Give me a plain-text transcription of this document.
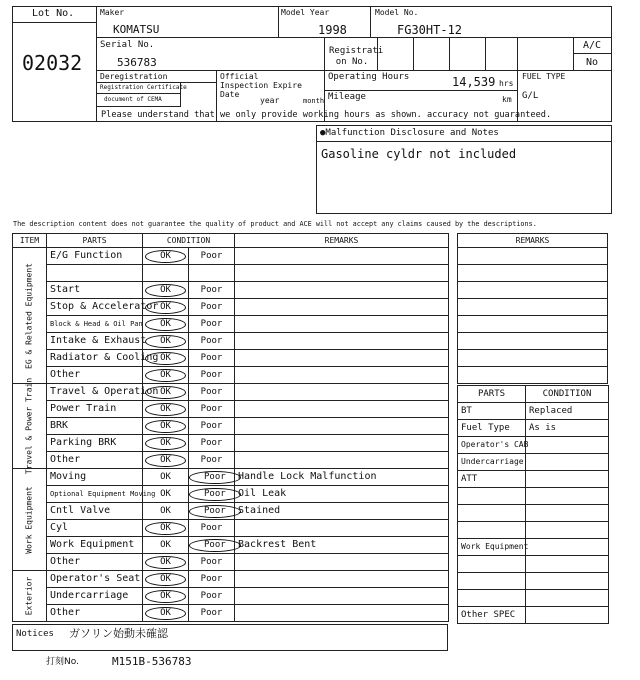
Lot No.
02032
Maker
KOMATSU
Model Year
1998
Model No.
FG30HT-12
Serial No.
536783
Registrati on No.
A/C
No
Deregistration
Registration Certificate
document of CEMA
Official Inspection Expire Date
year	month
Operating Hours	14,539 hrs
Mileage	km
FUEL TYPE
G/L
Please understand that we only provide working hours as shown. accuracy not guaranteed.
●Malfunction Disclosure and Notes
Gasoline cyldr not included
The description content does not guarantee the quality of product and ACE will not accept any claims caused by the descriptions.
ITEM	PARTS	CONDITION		REMARKS

EG & Related Equipment	E/G Function	OK	Poor	

	Start	OK	Poor	
	Stop & Accelerator	OK	Poor	
	Block & Head & Oil Pan	OK	Poor	
	Intake & Exhaust	OK	Poor	
	Radiator & Cooling	OK	Poor	
	Other	OK	Poor	

Travel & Power Train	Travel & Operation	OK	Poor	
	Power Train	OK	Poor	
	BRK	OK	Poor	
	Parking BRK	OK	Poor	
	Other	OK	Poor	

Work Equipment	Moving	OK	Poor	Handle Lock Malfunction
	Optional Equipment Moving	OK	Poor	Oil Leak
	Cntl Valve	OK	Poor	Stained
	Cyl	OK	Poor	
	Work Equipment	OK	Poor	Backrest Bent
	Other	OK	Poor	

Exterior	Operator's Seat	OK	Poor	
	Undercarriage	OK	Poor	
	Other	OK	Poor	
REMARKS

PARTS	CONDITION
BT	Replaced
Fuel Type	As is
Operator's CAB	
Undercarriage	
ATT	

Work Equipment	

Other SPEC	
Notices ガソリン始動未確認
打刻No.	M151B-536783
